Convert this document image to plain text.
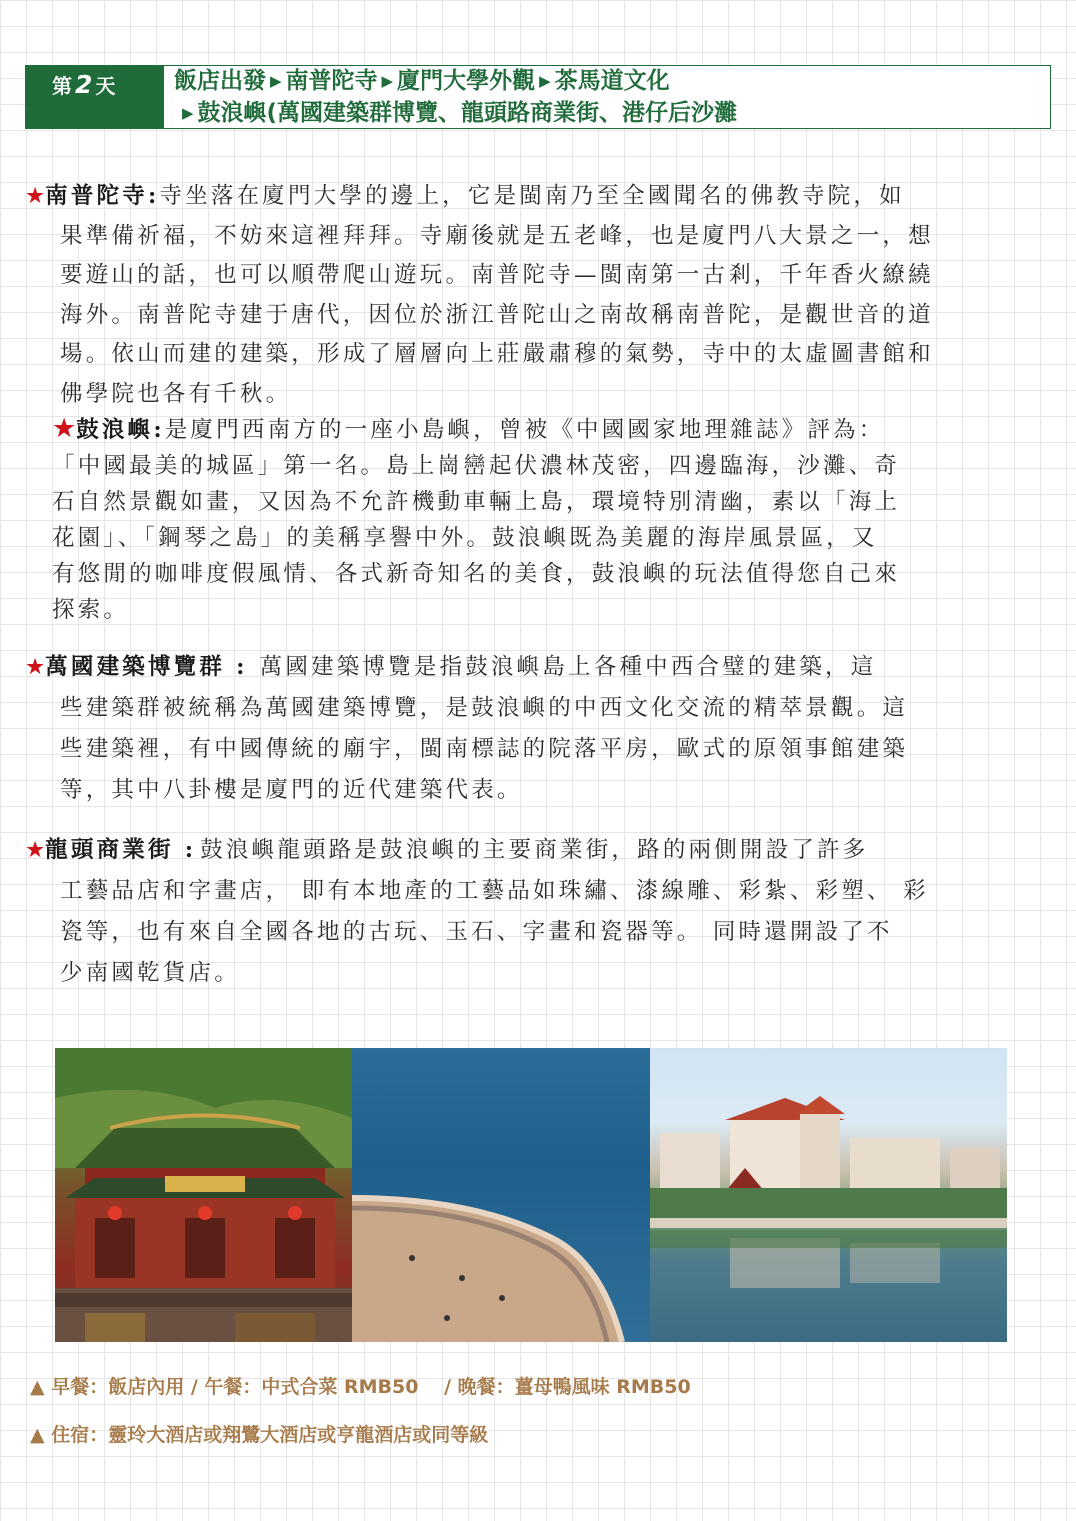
第 2 天	飯店出發 ▶ 南普陀寺 ▶ 廈門大學外觀 ▶ 茶馬道文化
▶ 鼓浪嶼(萬國建築群博覽、龍頭路商業街、港仔后沙灘

★南普陀寺:寺坐落在廈門大學的邊上，它是閩南乃至全國聞名的佛教寺院，如

果準備祈福，不妨來這裡拜拜。寺廟後就是五老峰，也是廈門八大景之一，想

要遊山的話，也可以順帶爬山遊玩。南普陀寺—閩南第一古剎，千年香火繚繞

海外。南普陀寺建于唐代，因位於浙江普陀山之南故稱南普陀，是觀世音的道

場。依山而建的建築，形成了層層向上莊嚴肅穆的氣勢，寺中的太虛圖書館和

佛學院也各有千秋。

★鼓浪嶼:是廈門西南方的一座小島嶼，曾被《中國國家地理雜誌》評為：

「中國最美的城區」第一名。島上崗巒起伏濃林茂密，四邊臨海，沙灘、奇

石自然景觀如畫，又因為不允許機動車輛上島，環境特別清幽，素以「海上

花園」、「鋼琴之島」的美稱享譽中外。鼓浪嶼既為美麗的海岸風景區，又

有悠閒的咖啡度假風情、各式新奇知名的美食，鼓浪嶼的玩法值得您自己來

探索。

★萬國建築博覽群 : 萬國建築博覽是指鼓浪嶼島上各種中西合璧的建築，這

些建築群被統稱為萬國建築博覽，是鼓浪嶼的中西文化交流的精萃景觀。這

些建築裡，有中國傳統的廟宇，閩南標誌的院落平房，歐式的原領事館建築

等，其中八卦樓是廈門的近代建築代表。

★龍頭商業街 : 鼓浪嶼龍頭路是鼓浪嶼的主要商業街，路的兩側開設了許多

工藝品店和字畫店， 即有本地產的工藝品如珠繡、漆線雕、彩紮、彩塑、 彩

瓷等，也有來自全國各地的古玩、玉石、字畫和瓷器等。 同時還開設了不

少南國乾貨店。

▲ 早餐：飯店內用 / 午餐：中式合菜 RMB50　 / 晚餐：薑母鴨風味 RMB50
▲ 住宿：靈玲大酒店或翔鷺大酒店或亨龍酒店或同等級
